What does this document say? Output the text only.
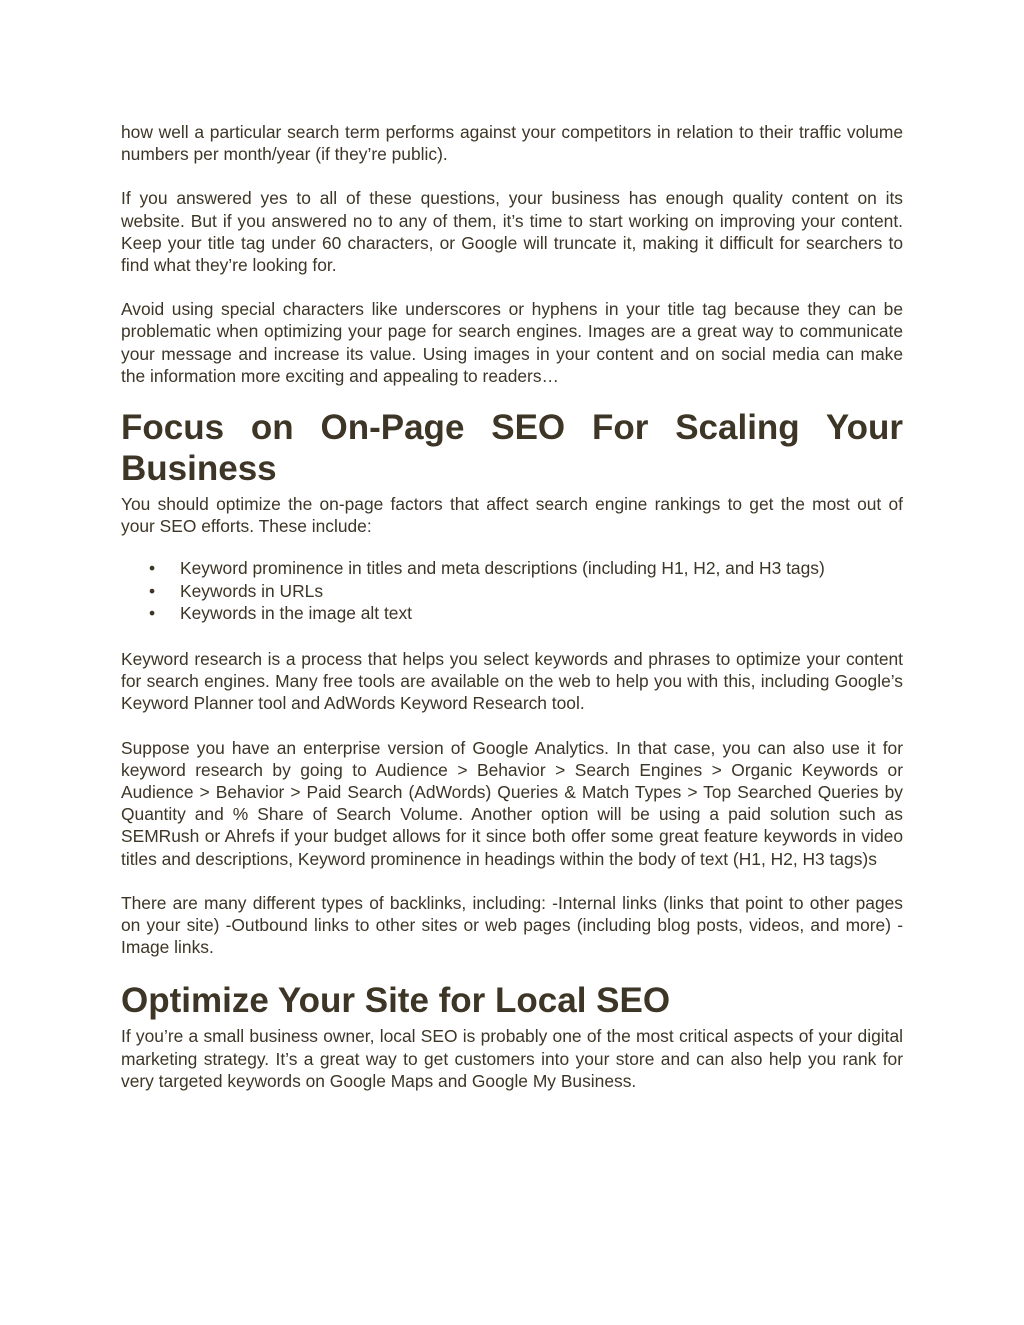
how well a particular search term performs against your competitors in relation to their traffic volume numbers per month/year (if they’re public).

If you answered yes to all of these questions, your business has enough quality content on its website. But if you answered no to any of them, it’s time to start working on improving your content. Keep your title tag under 60 characters, or Google will truncate it, making it difficult for searchers to find what they’re looking for.

Avoid using special characters like underscores or hyphens in your title tag because they can be problematic when optimizing your page for search engines. Images are a great way to communicate your message and increase its value. Using images in your content and on social media can make the information more exciting and appealing to readers…

Focus on On-Page SEO For Scaling Your Business

You should optimize the on-page factors that affect search engine rankings to get the most out of your SEO efforts. These include:

• Keyword prominence in titles and meta descriptions (including H1, H2, and H3 tags)
• Keywords in URLs
• Keywords in the image alt text

Keyword research is a process that helps you select keywords and phrases to optimize your content for search engines. Many free tools are available on the web to help you with this, including Google’s Keyword Planner tool and AdWords Keyword Research tool.

Suppose you have an enterprise version of Google Analytics. In that case, you can also use it for keyword research by going to Audience > Behavior > Search Engines > Organic Keywords or Audience > Behavior > Paid Search (AdWords) Queries & Match Types > Top Searched Queries by Quantity and % Share of Search Volume. Another option will be using a paid solution such as SEMRush or Ahrefs if your budget allows for it since both offer some great feature keywords in video titles and descriptions, Keyword prominence in headings within the body of text (H1, H2, H3 tags)s

There are many different types of backlinks, including: -Internal links (links that point to other pages on your site) -Outbound links to other sites or web pages (including blog posts, videos, and more) -Image links.

Optimize Your Site for Local SEO

If you’re a small business owner, local SEO is probably one of the most critical aspects of your digital marketing strategy. It’s a great way to get customers into your store and can also help you rank for very targeted keywords on Google Maps and Google My Business.
